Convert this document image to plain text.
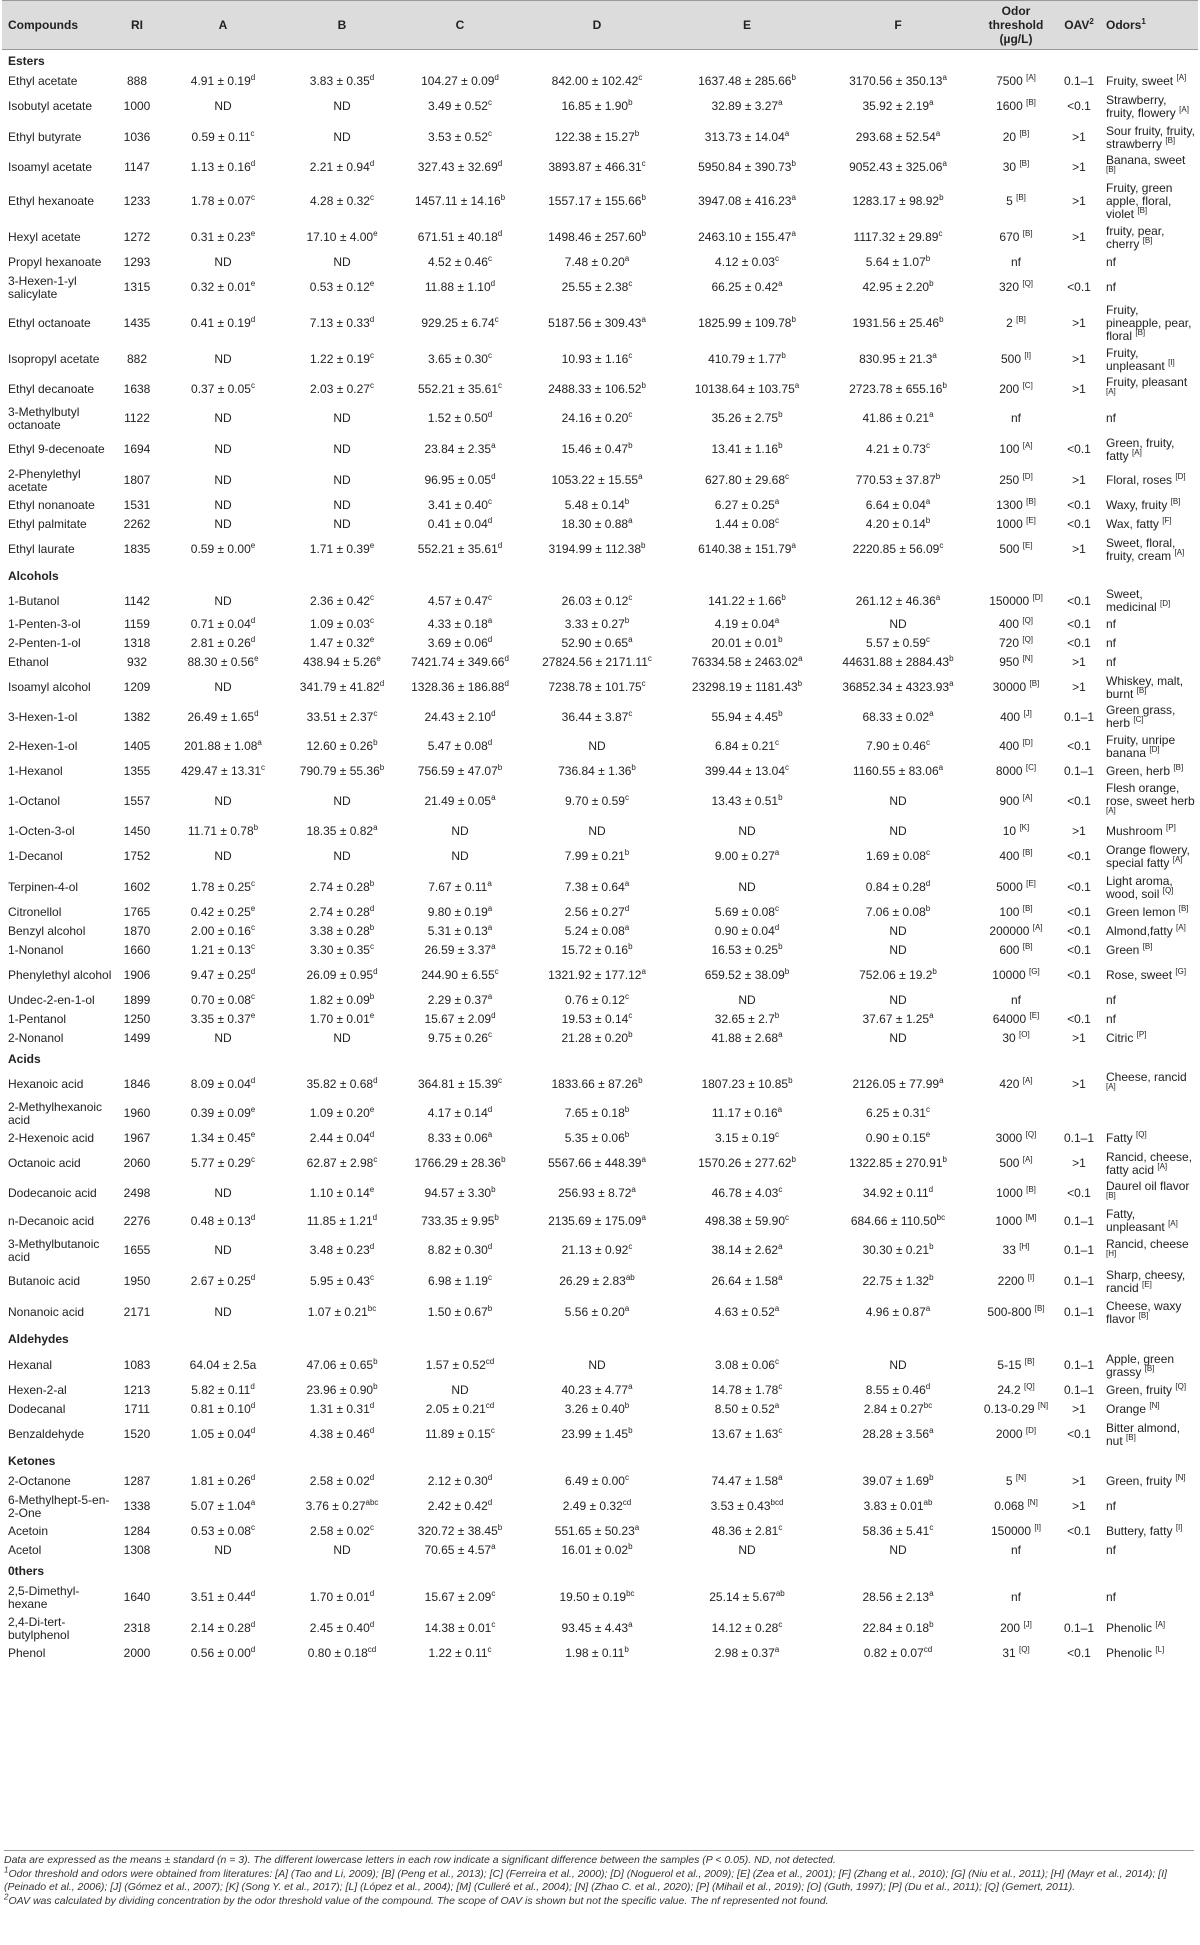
Compounds	RI	A	B	C	D	E	F	Odor
threshold (µg/L)	OAV$^2$	Odors$^1$
Esters										
Ethyl acetate	888	4.91 ± 0.19$^d$	3.83 ± 0.35$^d$	104.27 ± 0.09$^d$	842.00 ± 102.42$^c$	1637.48 ± 285.66$^b$	3170.56 ± 350.13$^a$	7500 [A]	0.1–1	Fruity, sweet [A]
Isobutyl acetate	1000	ND	ND	3.49 ± 0.52$^c$	16.85 ± 1.90$^b$	32.89 ± 3.27$^a$	35.92 ± 2.19$^a$	1600 [B]	<0.1	Strawberry, fruity, flowery [A]
Ethyl butyrate	1036	0.59 ± 0.11$^c$	ND	3.53 ± 0.52$^c$	122.38 ± 15.27$^b$	313.73 ± 14.04$^a$	293.68 ± 52.54$^a$	20 [B]	>1	Sour fruity, fruity, strawberry [B]
Isoamyl acetate	1147	1.13 ± 0.16$^d$	2.21 ± 0.94$^d$	327.43 ± 32.69$^d$	3893.87 ± 466.31$^c$	5950.84 ± 390.73$^b$	9052.43 ± 325.06$^a$	30 [B]	>1	Banana, sweet [B]
Ethyl hexanoate	1233	1.78 ± 0.07$^c$	4.28 ± 0.32$^c$	1457.11 ± 14.16$^b$	1557.17 ± 155.66$^b$	3947.08 ± 416.23$^a$	1283.17 ± 98.92$^b$	5 [B]	>1	Fruity, green apple, floral, violet [B]
Hexyl acetate	1272	0.31 ± 0.23$^e$	17.10 ± 4.00$^e$	671.51 ± 40.18$^d$	1498.46 ± 257.60$^b$	2463.10 ± 155.47$^a$	1117.32 ± 29.89$^c$	670 [B]	>1	fruity, pear, cherry [B]
Propyl hexanoate	1293	ND	ND	4.52 ± 0.46$^c$	7.48 ± 0.20$^a$	4.12 ± 0.03$^c$	5.64 ± 1.07$^b$	nf		nf
3-Hexen-1-yl salicylate	1315	0.32 ± 0.01$^e$	0.53 ± 0.12$^e$	11.88 ± 1.10$^d$	25.55 ± 2.38$^c$	66.25 ± 0.42$^a$	42.95 ± 2.20$^b$	320 [Q]	<0.1	nf
Ethyl octanoate	1435	0.41 ± 0.19$^d$	7.13 ± 0.33$^d$	929.25 ± 6.74$^c$	5187.56 ± 309.43$^a$	1825.99 ± 109.78$^b$	1931.56 ± 25.46$^b$	2 [B]	>1	Fruity, pineapple, pear, floral [B]
Isopropyl acetate	882	ND	1.22 ± 0.19$^c$	3.65 ± 0.30$^c$	10.93 ± 1.16$^c$	410.79 ± 1.77$^b$	830.95 ± 21.3$^a$	500 [I]	>1	Fruity, unpleasant [I]
Ethyl decanoate	1638	0.37 ± 0.05$^c$	2.03 ± 0.27$^c$	552.21 ± 35.61$^c$	2488.33 ± 106.52$^b$	10138.64 ± 103.75$^a$	2723.78 ± 655.16$^b$	200 [C]	>1	Fruity, pleasant [A]
3-Methylbutyl octanoate	1122	ND	ND	1.52 ± 0.50$^d$	24.16 ± 0.20$^c$	35.26 ± 2.75$^b$	41.86 ± 0.21$^a$	nf		nf
Ethyl 9-decenoate	1694	ND	ND	23.84 ± 2.35$^a$	15.46 ± 0.47$^b$	13.41 ± 1.16$^b$	4.21 ± 0.73$^c$	100 [A]	<0.1	Green, fruity, fatty [A]
2-Phenylethyl acetate	1807	ND	ND	96.95 ± 0.05$^d$	1053.22 ± 15.55$^a$	627.80 ± 29.68$^c$	770.53 ± 37.87$^b$	250 [D]	>1	Floral, roses [D]
Ethyl nonanoate	1531	ND	ND	3.41 ± 0.40$^c$	5.48 ± 0.14$^b$	6.27 ± 0.25$^a$	6.64 ± 0.04$^a$	1300 [B]	<0.1	Waxy, fruity [B]
Ethyl palmitate	2262	ND	ND	0.41 ± 0.04$^d$	18.30 ± 0.88$^a$	1.44 ± 0.08$^c$	4.20 ± 0.14$^b$	1000 [E]	<0.1	Wax, fatty [F]
Ethyl laurate	1835	0.59 ± 0.00$^e$	1.71 ± 0.39$^e$	552.21 ± 35.61$^d$	3194.99 ± 112.38$^b$	6140.38 ± 151.79$^a$	2220.85 ± 56.09$^c$	500 [E]	>1	Sweet, floral, fruity, cream [A]
Alcohols										
1-Butanol	1142	ND	2.36 ± 0.42$^c$	4.57 ± 0.47$^c$	26.03 ± 0.12$^c$	141.22 ± 1.66$^b$	261.12 ± 46.36$^a$	150000 [D]	<0.1	Sweet, medicinal [D]
1-Penten-3-ol	1159	0.71 ± 0.04$^d$	1.09 ± 0.03$^c$	4.33 ± 0.18$^a$	3.33 ± 0.27$^b$	4.19 ± 0.04$^a$	ND	400 [Q]	<0.1	nf
2-Penten-1-ol	1318	2.81 ± 0.26$^d$	1.47 ± 0.32$^e$	3.69 ± 0.06$^d$	52.90 ± 0.65$^a$	20.01 ± 0.01$^b$	5.57 ± 0.59$^c$	720 [Q]	<0.1	nf
Ethanol	932	88.30 ± 0.56$^e$	438.94 ± 5.26$^e$	7421.74 ± 349.66$^d$	27824.56 ± 2171.11$^c$	76334.58 ± 2463.02$^a$	44631.88 ± 2884.43$^b$	950 [N]	>1	nf
Isoamyl alcohol	1209	ND	341.79 ± 41.82$^d$	1328.36 ± 186.88$^d$	7238.78 ± 101.75$^c$	23298.19 ± 1181.43$^b$	36852.34 ± 4323.93$^a$	30000 [B]	>1	Whiskey, malt, burnt [B]
3-Hexen-1-ol	1382	26.49 ± 1.65$^d$	33.51 ± 2.37$^c$	24.43 ± 2.10$^d$	36.44 ± 3.87$^c$	55.94 ± 4.45$^b$	68.33 ± 0.02$^a$	400 [J]	0.1–1	Green grass, herb [C]
2-Hexen-1-ol	1405	201.88 ± 1.08$^a$	12.60 ± 0.26$^b$	5.47 ± 0.08$^d$	ND	6.84 ± 0.21$^c$	7.90 ± 0.46$^c$	400 [D]	<0.1	Fruity, unripe banana [D]
1-Hexanol	1355	429.47 ± 13.31$^c$	790.79 ± 55.36$^b$	756.59 ± 47.07$^b$	736.84 ± 1.36$^b$	399.44 ± 13.04$^c$	1160.55 ± 83.06$^a$	8000 [C]	0.1–1	Green, herb [B]
1-Octanol	1557	ND	ND	21.49 ± 0.05$^a$	9.70 ± 0.59$^c$	13.43 ± 0.51$^b$	ND	900 [A]	<0.1	Flesh orange, rose, sweet herb [A]
1-Octen-3-ol	1450	11.71 ± 0.78$^b$	18.35 ± 0.82$^a$	ND	ND	ND	ND	10 [K]	>1	Mushroom [P]
1-Decanol	1752	ND	ND	ND	7.99 ± 0.21$^b$	9.00 ± 0.27$^a$	1.69 ± 0.08$^c$	400 [B]	<0.1	Orange flowery, special fatty [A]
Terpinen-4-ol	1602	1.78 ± 0.25$^c$	2.74 ± 0.28$^b$	7.67 ± 0.11$^a$	7.38 ± 0.64$^a$	ND	0.84 ± 0.28$^d$	5000 [E]	<0.1	Light aroma, wood, soil [Q]
Citronellol	1765	0.42 ± 0.25$^e$	2.74 ± 0.28$^d$	9.80 ± 0.19$^a$	2.56 ± 0.27$^d$	5.69 ± 0.08$^c$	7.06 ± 0.08$^b$	100 [B]	<0.1	Green lemon [B]
Benzyl alcohol	1870	2.00 ± 0.16$^c$	3.38 ± 0.28$^b$	5.31 ± 0.13$^a$	5.24 ± 0.08$^a$	0.90 ± 0.04$^d$	ND	200000 [A]	<0.1	Almond,fatty [A]
1-Nonanol	1660	1.21 ± 0.13$^c$	3.30 ± 0.35$^c$	26.59 ± 3.37$^a$	15.72 ± 0.16$^b$	16.53 ± 0.25$^b$	ND	600 [B]	<0.1	Green [B]
Phenylethyl alcohol	1906	9.47 ± 0.25$^d$	26.09 ± 0.95$^d$	244.90 ± 6.55$^c$	1321.92 ± 177.12$^a$	659.52 ± 38.09$^b$	752.06 ± 19.2$^b$	10000 [G]	<0.1	Rose, sweet [G]
Undec-2-en-1-ol	1899	0.70 ± 0.08$^c$	1.82 ± 0.09$^b$	2.29 ± 0.37$^a$	0.76 ± 0.12$^c$	ND	ND	nf		nf
1-Pentanol	1250	3.35 ± 0.37$^e$	1.70 ± 0.01$^e$	15.67 ± 2.09$^d$	19.53 ± 0.14$^c$	32.65 ± 2.7$^b$	37.67 ± 1.25$^a$	64000 [E]	<0.1	nf
2-Nonanol	1499	ND	ND	9.75 ± 0.26$^c$	21.28 ± 0.20$^b$	41.88 ± 2.68$^a$	ND	30 [O]	>1	Citric [P]
Acids										
Hexanoic acid	1846	8.09 ± 0.04$^d$	35.82 ± 0.68$^d$	364.81 ± 15.39$^c$	1833.66 ± 87.26$^b$	1807.23 ± 10.85$^b$	2126.05 ± 77.99$^a$	420 [A]	>1	Cheese, rancid [A]
2-Methylhexanoic acid	1960	0.39 ± 0.09$^e$	1.09 ± 0.20$^e$	4.17 ± 0.14$^d$	7.65 ± 0.18$^b$	11.17 ± 0.16$^a$	6.25 ± 0.31$^c$			
2-Hexenoic acid	1967	1.34 ± 0.45$^e$	2.44 ± 0.04$^d$	8.33 ± 0.06$^a$	5.35 ± 0.06$^b$	3.15 ± 0.19$^c$	0.90 ± 0.15$^e$	3000 [Q]	0.1–1	Fatty [Q]
Octanoic acid	2060	5.77 ± 0.29$^c$	62.87 ± 2.98$^c$	1766.29 ± 28.36$^b$	5567.66 ± 448.39$^a$	1570.26 ± 277.62$^b$	1322.85 ± 270.91$^b$	500 [A]	>1	Rancid, cheese, fatty acid [A]
Dodecanoic acid	2498	ND	1.10 ± 0.14$^e$	94.57 ± 3.30$^b$	256.93 ± 8.72$^a$	46.78 ± 4.03$^c$	34.92 ± 0.11$^d$	1000 [B]	<0.1	Daurel oil flavor [B]
n-Decanoic acid	2276	0.48 ± 0.13$^d$	11.85 ± 1.21$^d$	733.35 ± 9.95$^b$	2135.69 ± 175.09$^a$	498.38 ± 59.90$^c$	684.66 ± 110.50$^{bc}$	1000 [M]	0.1–1	Fatty, unpleasant [A]
3-Methylbutanoic acid	1655	ND	3.48 ± 0.23$^d$	8.82 ± 0.30$^d$	21.13 ± 0.92$^c$	38.14 ± 2.62$^a$	30.30 ± 0.21$^b$	33 [H]	0.1–1	Rancid, cheese [H]
Butanoic acid	1950	2.67 ± 0.25$^d$	5.95 ± 0.43$^c$	6.98 ± 1.19$^c$	26.29 ± 2.83$^{ab}$	26.64 ± 1.58$^a$	22.75 ± 1.32$^b$	2200 [I]	0.1–1	Sharp, cheesy, rancid [E]
Nonanoic acid	2171	ND	1.07 ± 0.21$^{bc}$	1.50 ± 0.67$^b$	5.56 ± 0.20$^a$	4.63 ± 0.52$^a$	4.96 ± 0.87$^a$	500-800 [B]	0.1–1	Cheese, waxy flavor [B]
Aldehydes										
Hexanal	1083	64.04 ± 2.5a	47.06 ± 0.65$^b$	1.57 ± 0.52$^{cd}$	ND	3.08 ± 0.06$^c$	ND	5-15 [B]	0.1–1	Apple, green grassy [B]
Hexen-2-al	1213	5.82 ± 0.11$^d$	23.96 ± 0.90$^b$	ND	40.23 ± 4.77$^a$	14.78 ± 1.78$^c$	8.55 ± 0.46$^d$	24.2 [Q]	0.1–1	Green, fruity [Q]
Dodecanal	1711	0.81 ± 0.10$^d$	1.31 ± 0.31$^d$	2.05 ± 0.21$^{cd}$	3.26 ± 0.40$^b$	8.50 ± 0.52$^a$	2.84 ± 0.27$^{bc}$	0.13-0.29 [N]	>1	Orange [N]
Benzaldehyde	1520	1.05 ± 0.04$^d$	4.38 ± 0.46$^d$	11.89 ± 0.15$^c$	23.99 ± 1.45$^b$	13.67 ± 1.63$^c$	28.28 ± 3.56$^a$	2000 [D]	<0.1	Bitter almond, nut [B]
Ketones										
2-Octanone	1287	1.81 ± 0.26$^d$	2.58 ± 0.02$^d$	2.12 ± 0.30$^d$	6.49 ± 0.00$^c$	74.47 ± 1.58$^a$	39.07 ± 1.69$^b$	5 [N]	>1	Green, fruity [N]
6-Methylhept-5-en-2-One	1338	5.07 ± 1.04$^a$	3.76 ± 0.27$^{abc}$	2.42 ± 0.42$^d$	2.49 ± 0.32$^{cd}$	3.53 ± 0.43$^{bcd}$	3.83 ± 0.01$^{ab}$	0.068 [N]	>1	nf
Acetoin	1284	0.53 ± 0.08$^c$	2.58 ± 0.02$^c$	320.72 ± 38.45$^b$	551.65 ± 50.23$^a$	48.36 ± 2.81$^c$	58.36 ± 5.41$^c$	150000 [I]	<0.1	Buttery, fatty [I]
Acetol	1308	ND	ND	70.65 ± 4.57$^a$	16.01 ± 0.02$^b$	ND	ND	nf		nf
0thers										
2,5-Dimethyl-hexane	1640	3.51 ± 0.44$^d$	1.70 ± 0.01$^d$	15.67 ± 2.09$^c$	19.50 ± 0.19$^{bc}$	25.14 ± 5.67$^{ab}$	28.56 ± 2.13$^a$	nf		nf
2,4-Di-tert-butylphenol	2318	2.14 ± 0.28$^d$	2.45 ± 0.40$^d$	14.38 ± 0.01$^c$	93.45 ± 4.43$^a$	14.12 ± 0.28$^c$	22.84 ± 0.18$^b$	200 [J]	0.1–1	Phenolic [A]
Phenol	2000	0.56 ± 0.00$^d$	0.80 ± 0.18$^{cd}$	1.22 ± 0.11$^c$	1.98 ± 0.11$^b$	2.98 ± 0.37$^a$	0.82 ± 0.07$^{cd}$	31 [Q]	<0.1	Phenolic [L]

Data are expressed as the means ± standard (n = 3). The different lowercase letters in each row indicate a significant difference between the samples (P < 0.05). ND, not detected.

$^1$Odor threshold and odors were obtained from literatures: [A] (Tao and Li, 2009); [B] (Peng et al., 2013); [C] (Ferreira et al., 2000); [D] (Noguerol et al., 2009); [E] (Zea et al., 2001); [F] (Zhang et al., 2010); [G] (Niu et al., 2011); [H] (Mayr et al., 2014); [I] (Peinado et al., 2006); [J] (Gómez et al., 2007); [K] (Song Y. et al., 2017); [L] (López et al., 2004); [M] (Culleré et al., 2004); [N] (Zhao C. et al., 2020); [P] (Mihail et al., 2019); [O] (Guth, 1997); [P] (Du et al., 2011); [Q] (Gemert, 2011).

$^2$OAV was calculated by dividing concentration by the odor threshold value of the compound. The scope of OAV is shown but not the specific value. The nf represented not found.
